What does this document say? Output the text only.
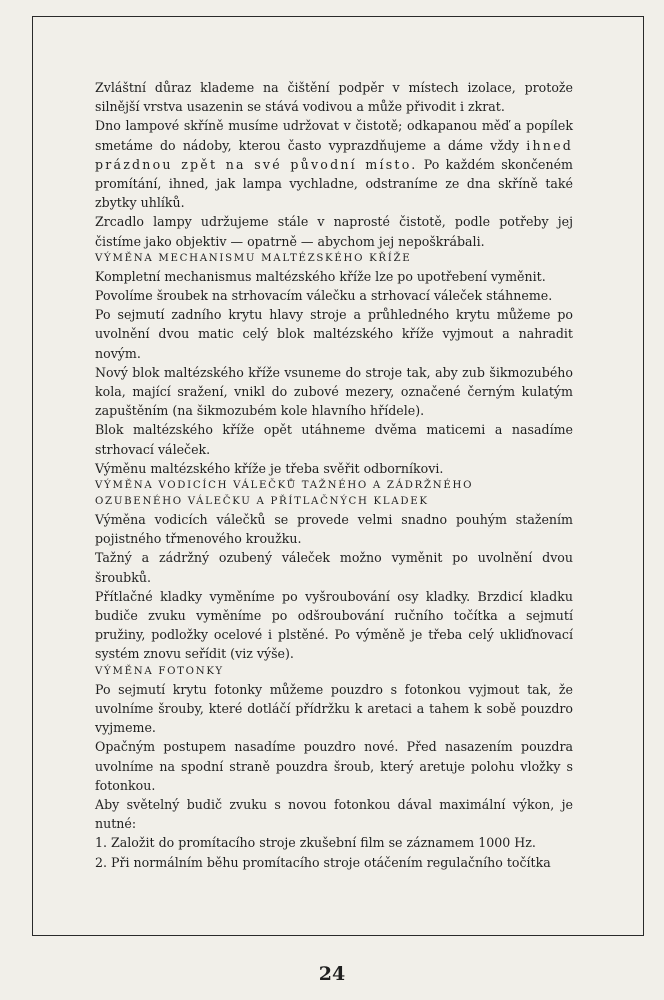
Zvláštní důraz klademe na čištění podpěr v místech izolace, protože silnější vrstva usazenin se stává vodivou a může přivodit i zkrat.

Dno lampové skříně musíme udržovat v čistotě; odkapanou měď a popílek smetáme do nádoby, kterou často vyprazdňujeme a dáme vždy ihned prázdnou zpět na své původní místo. Po každém skončeném promítání, ihned, jak lampa vychladne, odstraníme ze dna skříně také zbytky uhlíků.

Zrcadlo lampy udržujeme stále v naprosté čistotě, podle potřeby jej čistíme jako objektiv — opatrně — abychom jej nepoškrábali.

VÝMĚNA MECHANISMU MALTÉZSKÉHO KŘÍŽE

Kompletní mechanismus maltézského kříže lze po upotřebení vyměnit.

Povolíme šroubek na strhovacím válečku a strhovací váleček stáhneme.

Po sejmutí zadního krytu hlavy stroje a průhledného krytu můžeme po uvolnění dvou matic celý blok maltézského kříže vyjmout a nahradit novým.

Nový blok maltézského kříže vsuneme do stroje tak, aby zub šikmozubého kola, mající sražení, vnikl do zubové mezery, označené černým kulatým zapuštěním (na šikmozubém kole hlavního hřídele).

Blok maltézského kříže opět utáhneme dvěma maticemi a nasadíme strhovací váleček.

Výměnu maltézského kříže je třeba svěřit odborníkovi.

VÝMĚNA VODICÍCH VÁLEČKŮ TAŽNÉHO A ZÁDRŽNÉHO

OZUBENÉHO VÁLEČKU A PŘÍTLAČNÝCH KLADEK

Výměna vodicích válečků se provede velmi snadno pouhým stažením pojistného třmenového kroužku.

Tažný a zádržný ozubený váleček možno vyměnit po uvolnění dvou šroubků.

Přítlačné kladky vyměníme po vyšroubování osy kladky. Brzdicí kladku budiče zvuku vyměníme po odšroubování ručního točítka a sejmutí pružiny, podložky ocelové i plstěné. Po výměně je třeba celý ukliďnovací systém znovu seřídit (viz výše).

VÝMĚNA FOTONKY

Po sejmutí krytu fotonky můžeme pouzdro s fotonkou vyjmout tak, že uvolníme šrouby, které dotláčí přídržku k aretaci a tahem k sobě pouzdro vyjmeme.

Opačným postupem nasadíme pouzdro nové. Před nasazením pouzdra uvolníme na spodní straně pouzdra šroub, který aretuje polohu vložky s fotonkou.

Aby světelný budič zvuku s novou fotonkou dával maximální výkon, je nutné:

1. Založit do promítacího stroje zkušební film se záznamem 1000 Hz.

2. Při normálním běhu promítacího stroje otáčením regulačního točítka

24
